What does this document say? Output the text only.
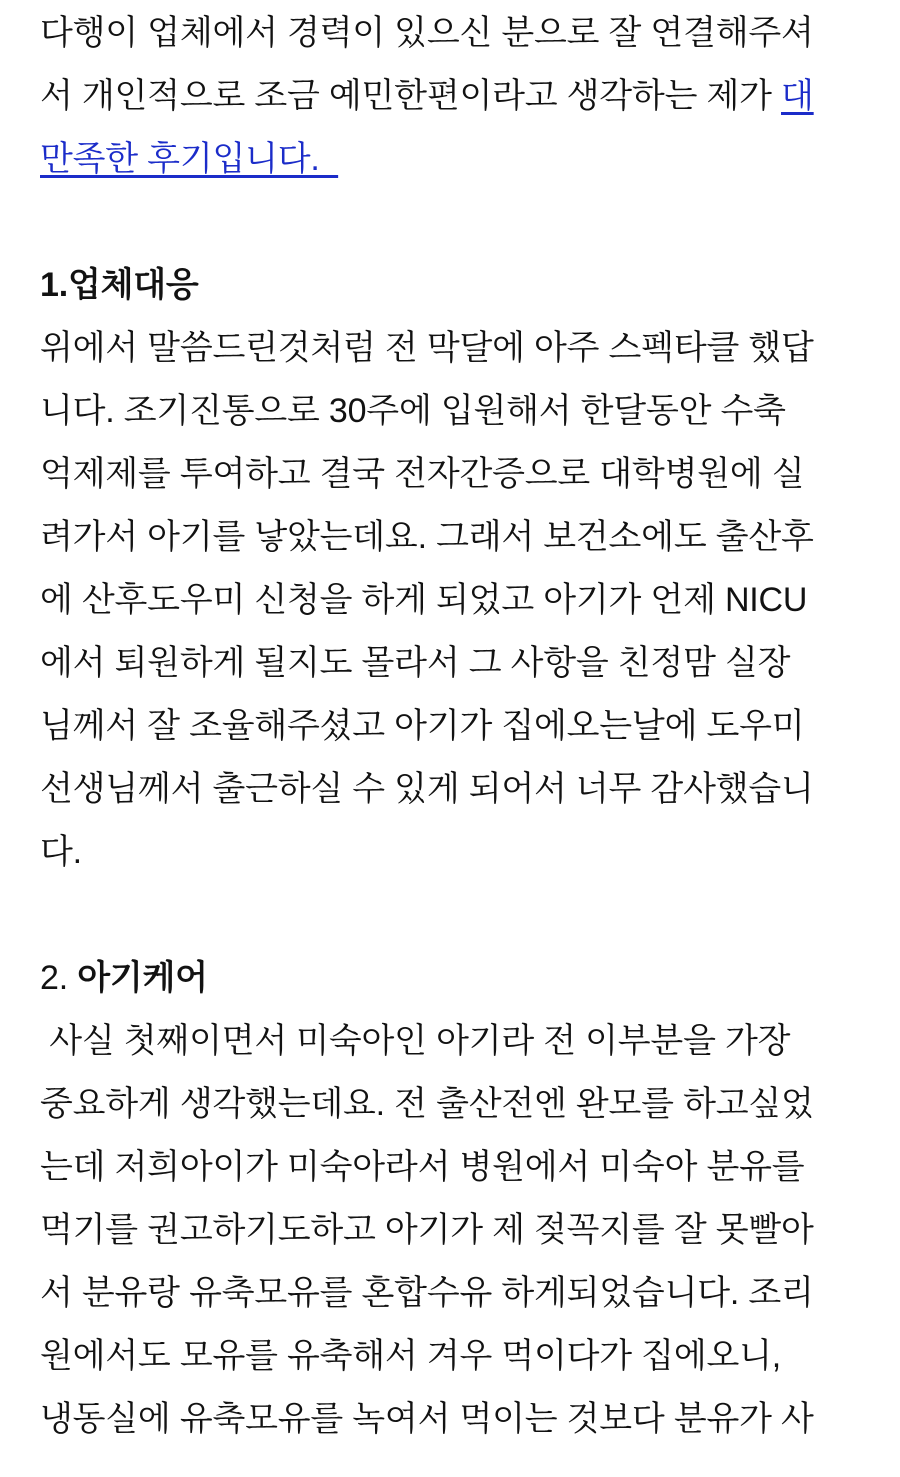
다행이 업체에서 경력이 있으신 분으로 잘 연결해주셔
서 개인적으로 조금 예민한편이라고 생각하는 제가 대
만족한 후기입니다.
1.업체대응
위에서 말씀드린것처럼 전 막달에 아주 스펙타클 했답
니다. 조기진통으로 30주에 입원해서 한달동안 수축
억제제를 투여하고 결국 전자간증으로 대학병원에 실
려가서 아기를 낳았는데요. 그래서 보건소에도 출산후
에 산후도우미 신청을 하게 되었고 아기가 언제 NICU
에서 퇴원하게 될지도 몰라서 그 사항을 친정맘 실장
님께서 잘 조율해주셨고 아기가 집에오는날에 도우미
선생님께서 출근하실 수 있게 되어서 너무 감사했습니
다.
2. 아기케어
사실 첫째이면서 미숙아인 아기라 전 이부분을 가장
중요하게 생각했는데요. 전 출산전엔 완모를 하고싶었
는데 저희아이가 미숙아라서 병원에서 미숙아 분유를
먹기를 권고하기도하고 아기가 제 젖꼭지를 잘 못빨아
서 분유랑 유축모유를 혼합수유 하게되었습니다. 조리
원에서도 모유를 유축해서 겨우 먹이다가 집에오니,
냉동실에 유축모유를 녹여서 먹이는 것보다 분유가 사
